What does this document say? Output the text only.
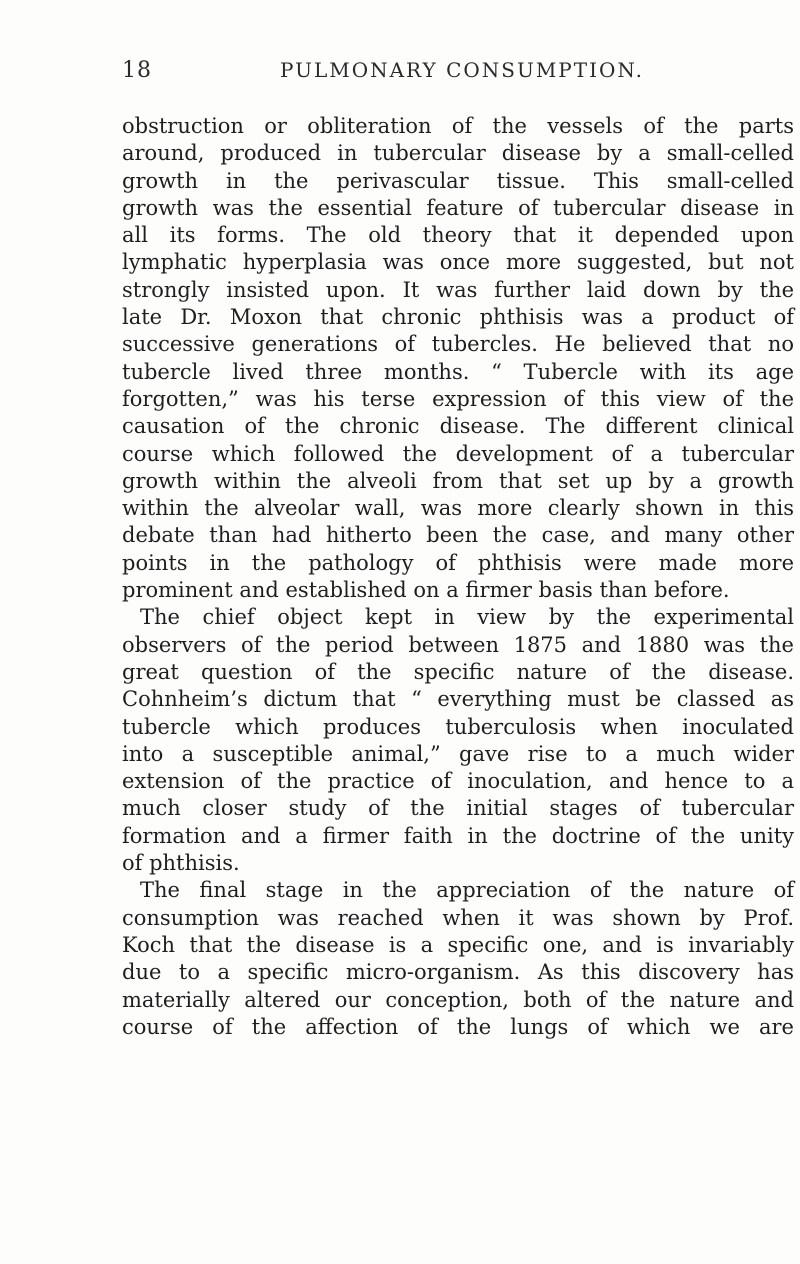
18	PULMONARY CONSUMPTION.
obstruction or obliteration of the vessels of the parts
around, produced in tubercular disease by a small-celled
growth in the perivascular tissue. This small-celled
growth was the essential feature of tubercular disease in
all its forms. The old theory that it depended upon
lymphatic hyperplasia was once more suggested, but not
strongly insisted upon. It was further laid down by the
late Dr. Moxon that chronic phthisis was a product of
successive generations of tubercles. He believed that no
tubercle lived three months. “ Tubercle with its age
forgotten,” was his terse expression of this view of the
causation of the chronic disease. The different clinical
course which followed the development of a tubercular
growth within the alveoli from that set up by a growth
within the alveolar wall, was more clearly shown in this
debate than had hitherto been the case, and many other
points in the pathology of phthisis were made more
prominent and established on a firmer basis than before.
The chief object kept in view by the experimental
observers of the period between 1875 and 1880 was the
great question of the specific nature of the disease.
Cohnheim’s dictum that “ everything must be classed as
tubercle which produces tuberculosis when inoculated
into a susceptible animal,” gave rise to a much wider
extension of the practice of inoculation, and hence to a
much closer study of the initial stages of tubercular
formation and a firmer faith in the doctrine of the unity
of phthisis.
The final stage in the appreciation of the nature of
consumption was reached when it was shown by Prof.
Koch that the disease is a specific one, and is invariably
due to a specific micro-organism. As this discovery has
materially altered our conception, both of the nature and
course of the affection of the lungs of which we are
